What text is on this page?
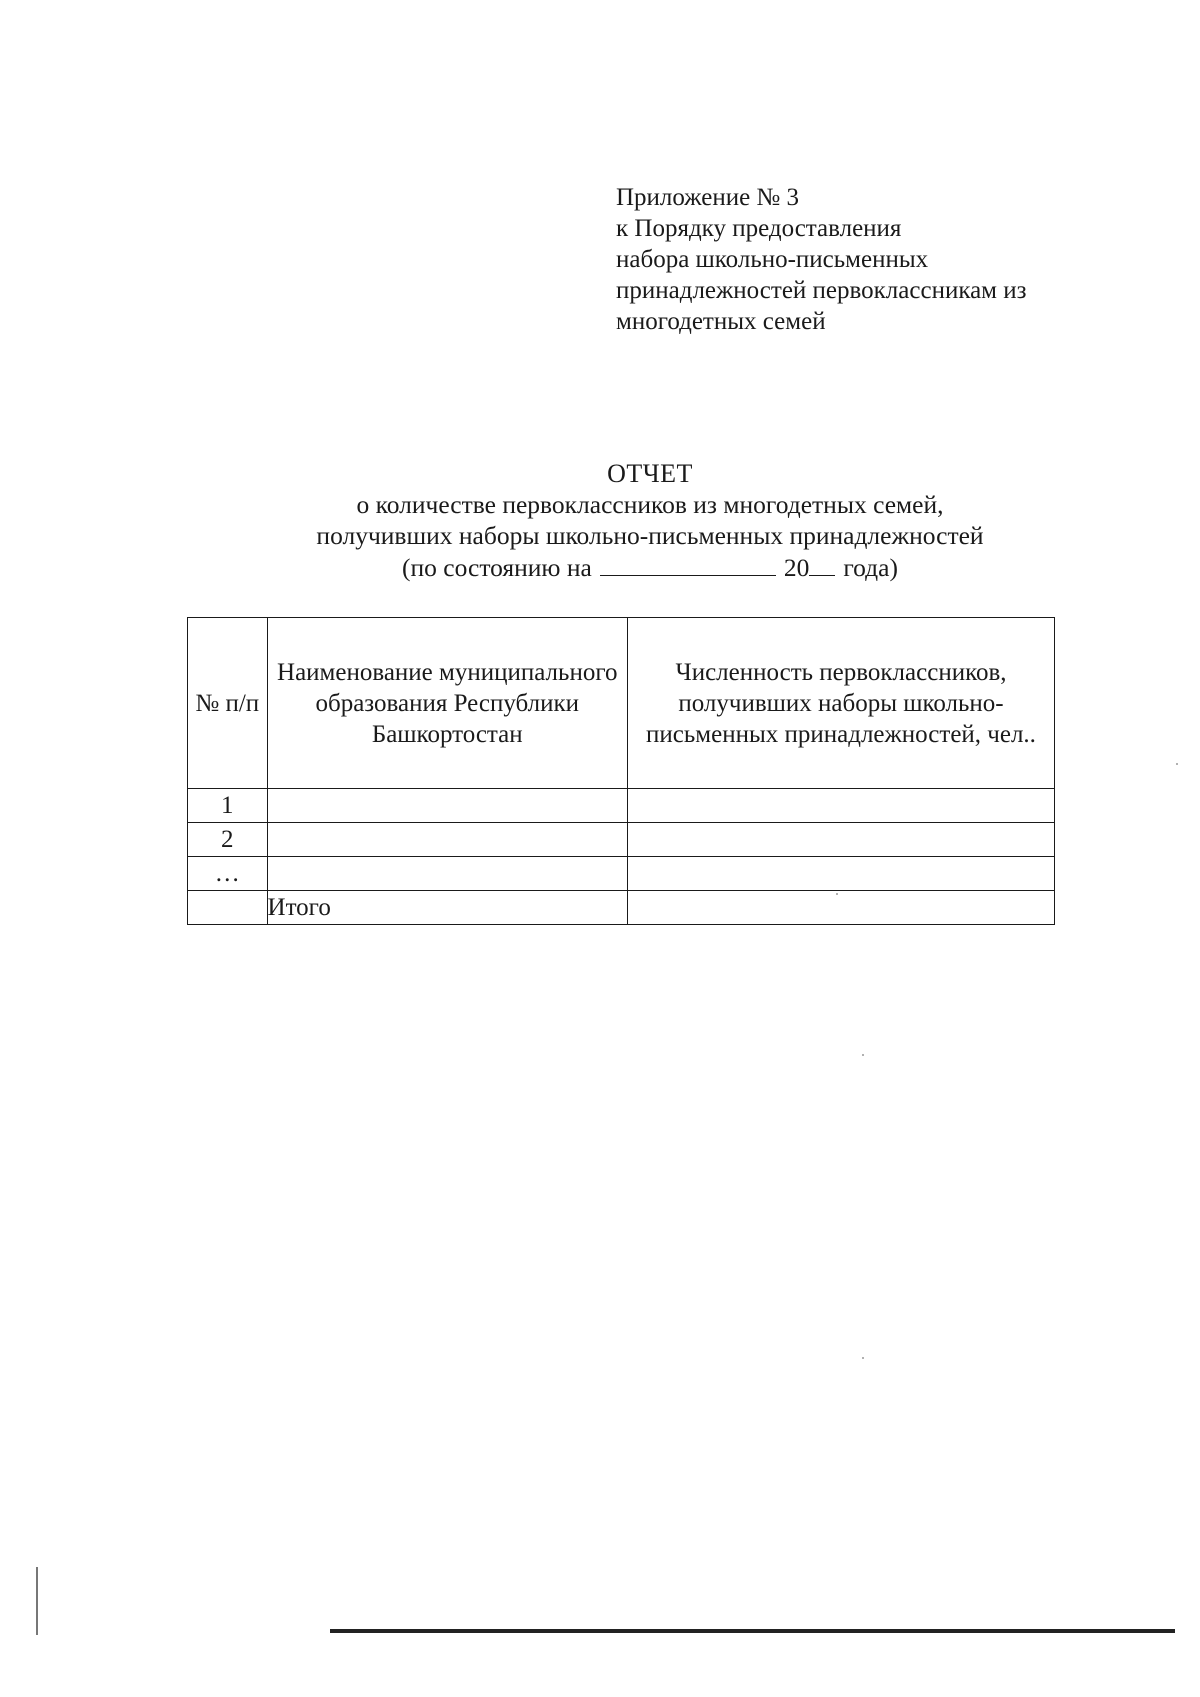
Приложение № 3
к Порядку предоставления
набора школьно-письменных
принадлежностей первоклассникам из
многодетных семей
ОТЧЕТ
о количестве первоклассников из многодетных семей,
получивших наборы школьно-письменных принадлежностей
(по состоянию на	20 года)
№ п/п	Наименование муниципального образования Республики Башкортостан	Численность первоклассников, получивших наборы школьно-письменных принадлежностей, чел..
1		
2		
…		
	Итого	
